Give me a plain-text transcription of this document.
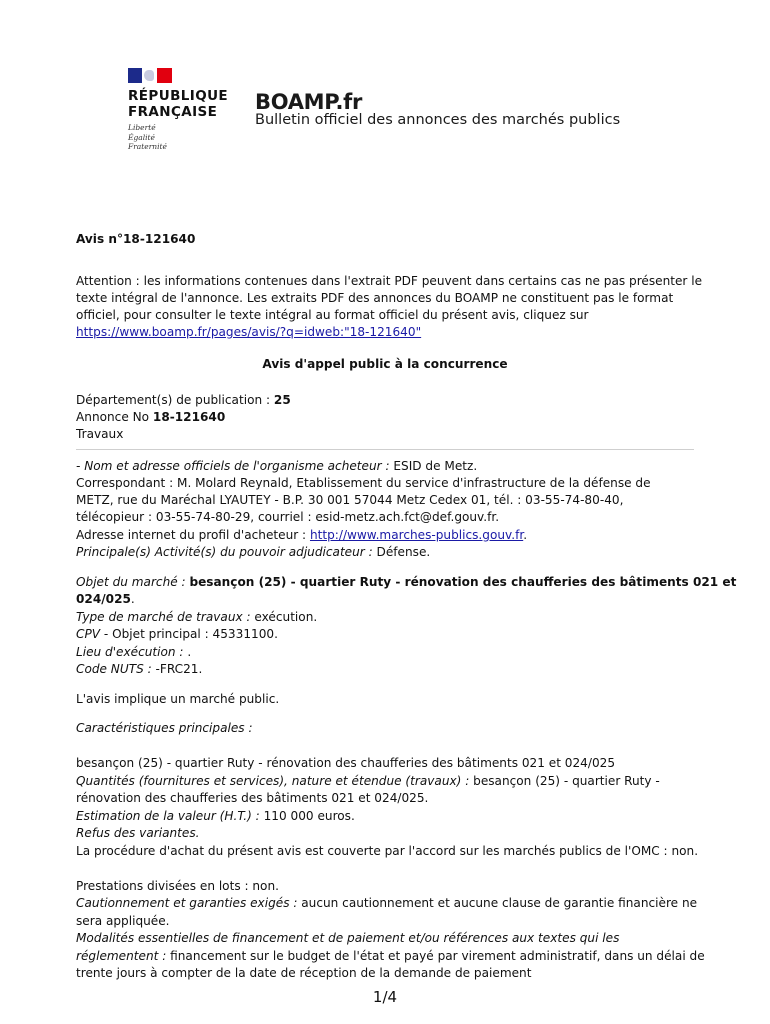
RÉPUBLIQUE
FRANÇAISE
Liberté
Égalité
Fraternité
BOAMP.fr
Bulletin officiel des annonces des marchés publics
Avis n°18-121640
Attention : les informations contenues dans l'extrait PDF peuvent dans certains cas ne pas présenter le
texte intégral de l'annonce. Les extraits PDF des annonces du BOAMP ne constituent pas le format
officiel, pour consulter le texte intégral au format officiel du présent avis, cliquez sur
https://www.boamp.fr/pages/avis/?q=idweb:"18-121640"
Avis d'appel public à la concurrence
Département(s) de publication : 25
Annonce No 18-121640
Travaux
- Nom et adresse officiels de l'organisme acheteur : ESID de Metz.
Correspondant : M. Molard Reynald, Etablissement du service d'infrastructure de la défense de
METZ, rue du Maréchal LYAUTEY - B.P. 30 001 57044 Metz Cedex 01, tél. : 03-55-74-80-40,
télécopieur : 03-55-74-80-29, courriel : esid-metz.ach.fct@def.gouv.fr.
Adresse internet du profil d'acheteur : http://www.marches-publics.gouv.fr.
Principale(s) Activité(s) du pouvoir adjudicateur : Défense.
Objet du marché : besançon (25) - quartier Ruty - rénovation des chaufferies des bâtiments 021 et
024/025.
Type de marché de travaux : exécution.
CPV - Objet principal : 45331100.
Lieu d'exécution : .
Code NUTS : -FRC21.
L'avis implique un marché public.
Caractéristiques principales :
besançon (25) - quartier Ruty - rénovation des chaufferies des bâtiments 021 et 024/025
Quantités (fournitures et services), nature et étendue (travaux) : besançon (25) - quartier Ruty -
rénovation des chaufferies des bâtiments 021 et 024/025.
Estimation de la valeur (H.T.) : 110 000 euros.
Refus des variantes.
La procédure d'achat du présent avis est couverte par l'accord sur les marchés publics de l'OMC : non.
Prestations divisées en lots : non.
Cautionnement et garanties exigés : aucun cautionnement et aucune clause de garantie financière ne
sera appliquée.
Modalités essentielles de financement et de paiement et/ou références aux textes qui les
réglementent : financement sur le budget de l'état et payé par virement administratif, dans un délai de
trente jours à compter de la date de réception de la demande de paiement
1/4
